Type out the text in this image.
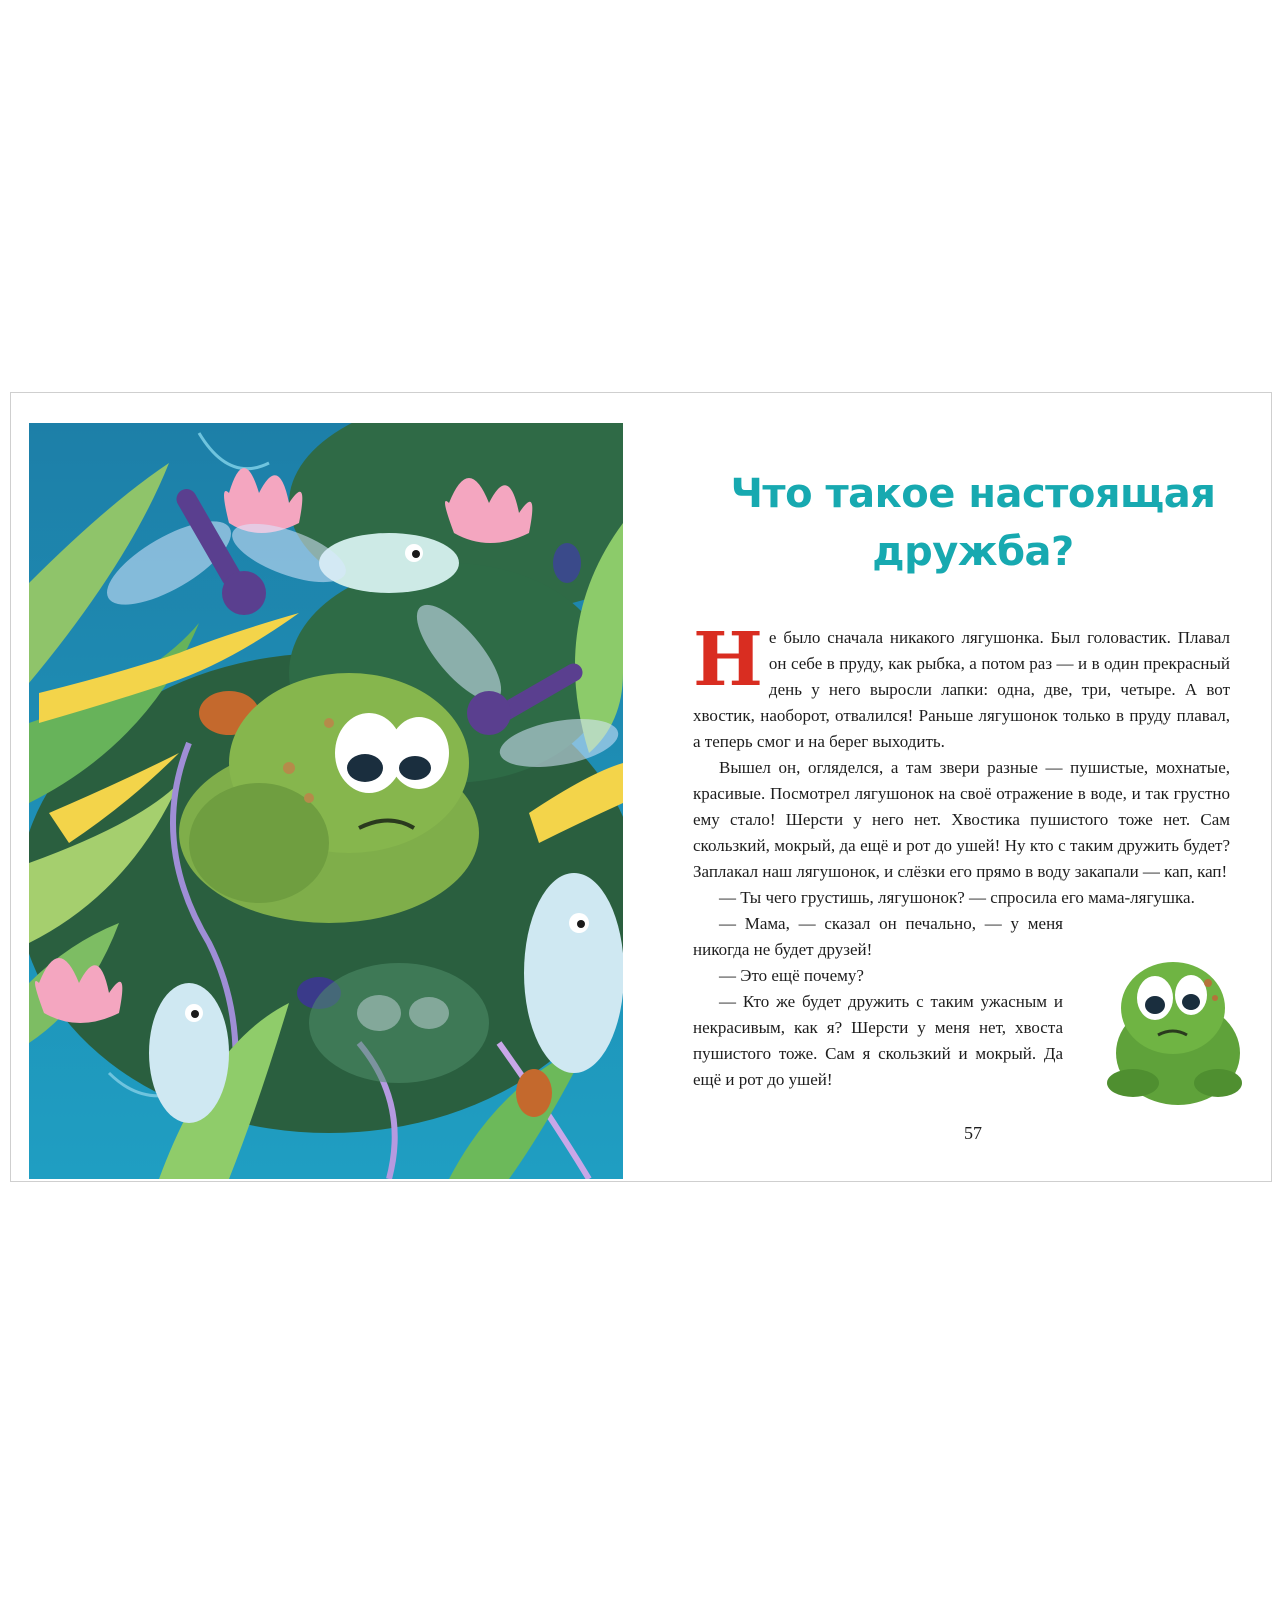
Что такое настоящая
дружба?

Не было сначала никакого лягушонка. Был головастик. Плавал он себе в пруду, как рыбка, а потом раз — и в один прекрасный день у него выросли лапки: одна, две, три, четыре. А вот хвостик, наоборот, отвалился! Раньше лягушонок только в пруду плавал, а теперь смог и на берег выходить.

Вышел он, огляделся, а там звери разные — пушистые, мохнатые, красивые. Посмотрел лягушонок на своё отражение в воде, и так грустно ему стало! Шерсти у него нет. Хвостика пушистого тоже нет. Сам скользкий, мокрый, да ещё и рот до ушей! Ну кто с таким дружить будет? Заплакал наш лягушонок, и слёзки его прямо в воду закапали — кап, кап!

— Ты чего грустишь, лягушонок? — спросила его мама-лягушка.

— Мама, — сказал он печально, — у меня никогда не будет друзей!

— Это ещё почему?

— Кто же будет дружить с таким ужасным и некрасивым, как я? Шерсти у меня нет, хвоста пушистого тоже. Сам я скользкий и мокрый. Да ещё и рот до ушей!

57
